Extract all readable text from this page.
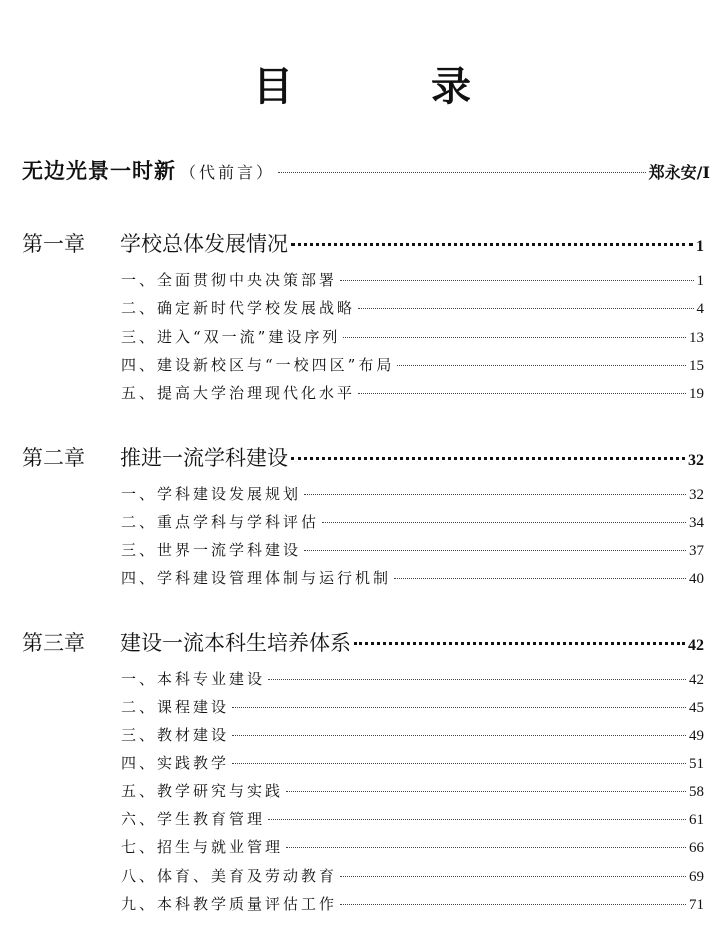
目 录
无边光景一时新 （代前言）	郑永安/I
第一章	学校总体发展情况	1
一、全面贯彻中央决策部署	1
二、确定新时代学校发展战略	4
三、进入“双一流”建设序列	13
四、建设新校区与“一校四区”布局	15
五、提高大学治理现代化水平	19
第二章	推进一流学科建设	32
一、学科建设发展规划	32
二、重点学科与学科评估	34
三、世界一流学科建设	37
四、学科建设管理体制与运行机制	40
第三章	建设一流本科生培养体系	42
一、本科专业建设	42
二、课程建设	45
三、教材建设	49
四、实践教学	51
五、教学研究与实践	58
六、学生教育管理	61
七、招生与就业管理	66
八、体育、美育及劳动教育	69
九、本科教学质量评估工作	71
